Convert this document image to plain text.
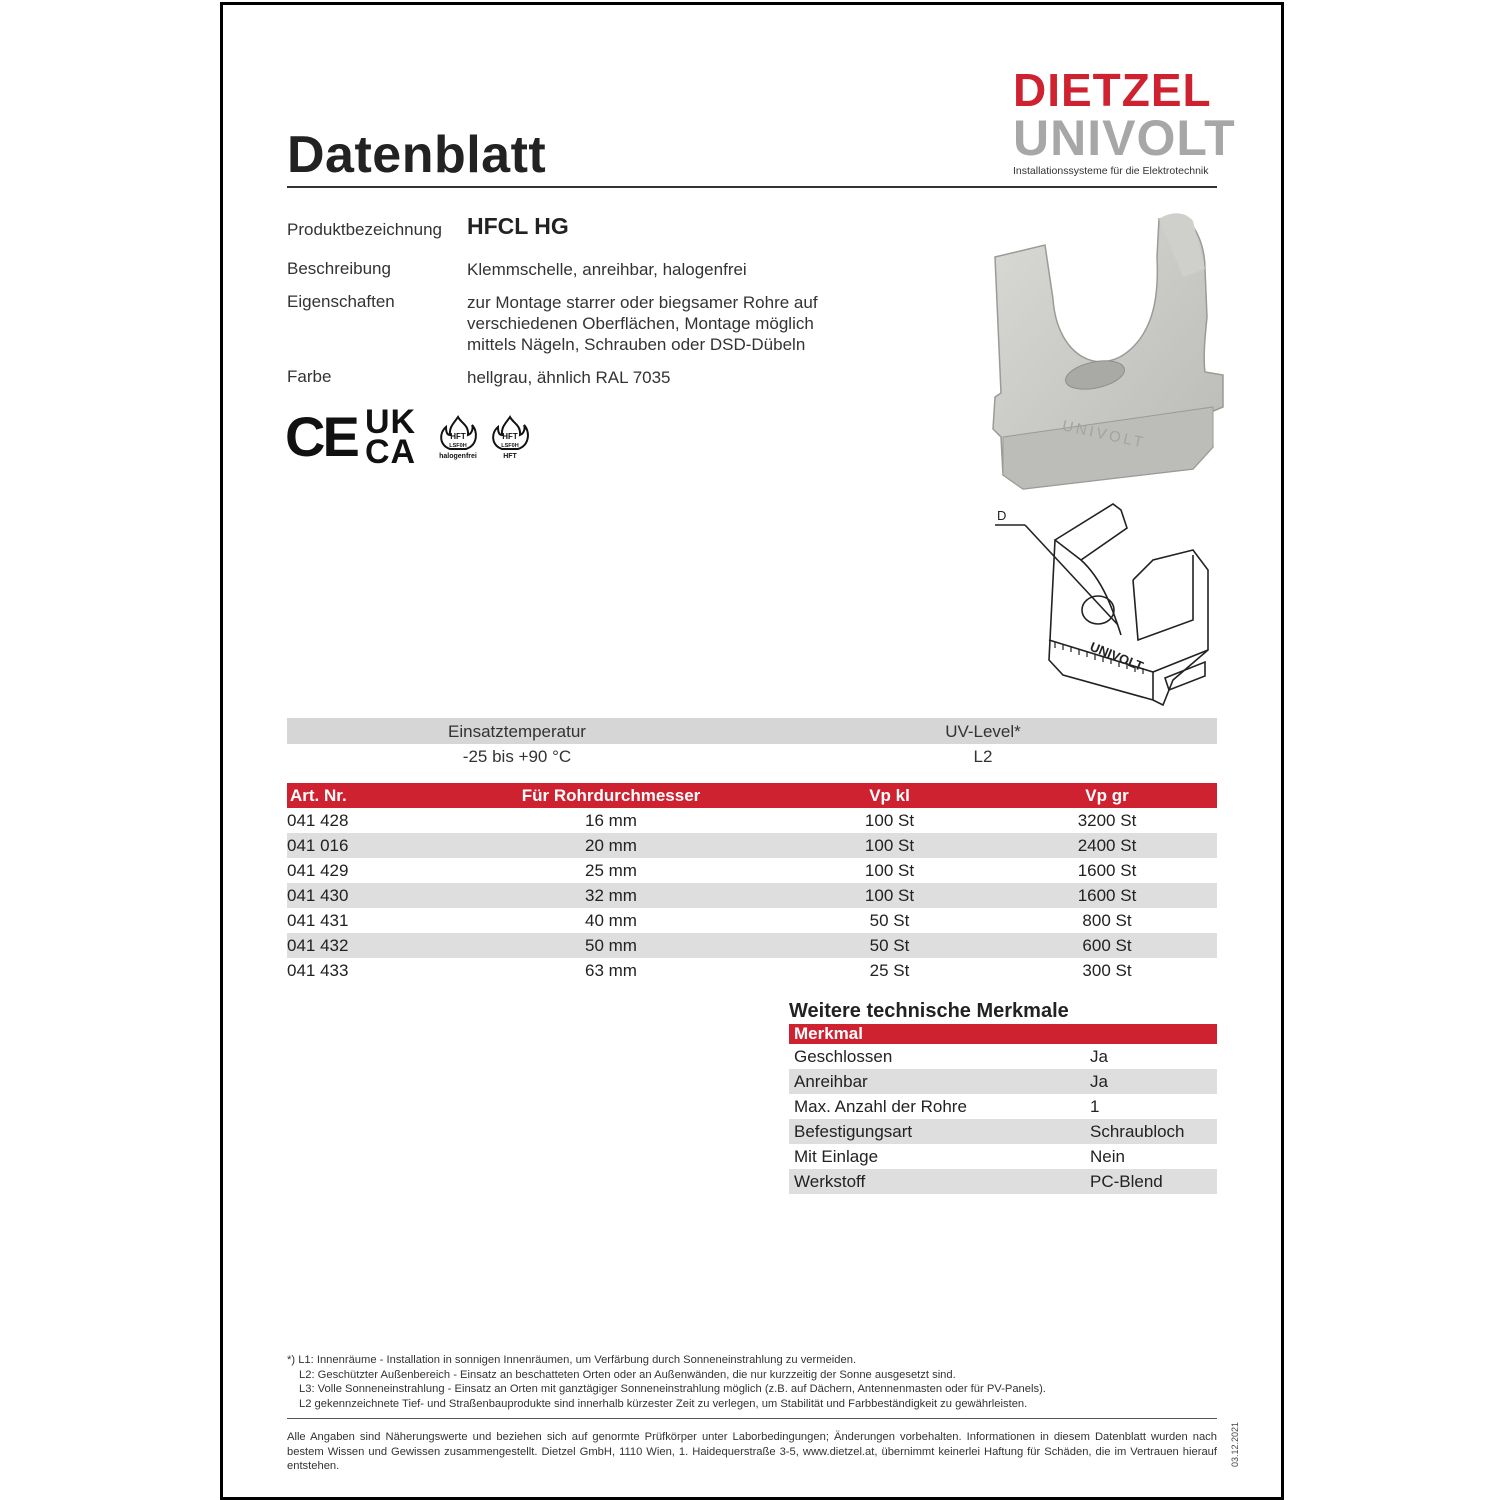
DIETZEL
UNIVOLT
Installationssysteme für die Elektrotechnik
Datenblatt
Produktbezeichnung HFCL HG
Beschreibung	Klemmschelle, anreihbar, halogenfrei
Eigenschaften	zur Montage starrer oder biegsamer Rohre auf
verschiedenen Oberflächen, Montage möglich
mittels Nägeln, Schrauben oder DSD-Dübeln
Farbe	hellgrau, ähnlich RAL 7035
CE UK
CA	HFT
LSF0H
halogenfrei
HFT
LSF0H
HFT
UNIVOLT
UNIVOLT
D
Einsatztemperatur	UV-Level*
-25 bis +90 °C	L2
Art. Nr.	Für Rohrdurchmesser	Vp kl	Vp gr
041 428	16 mm	100 St	3200 St
041 016	20 mm	100 St	2400 St
041 429	25 mm	100 St	1600 St
041 430	32 mm	100 St	1600 St
041 431	40 mm	50 St	800 St
041 432	50 mm	50 St	600 St
041 433	63 mm	25 St	300 St
Weitere technische Merkmale
Merkmal
Geschlossen	Ja
Anreihbar	Ja
Max. Anzahl der Rohre	1
Befestigungsart	Schraubloch
Mit Einlage	Nein
Werkstoff	PC-Blend
*) L1: Innenräume - Installation in sonnigen Innenräumen, um Verfärbung durch Sonneneinstrahlung zu vermeiden.
L2: Geschützter Außenbereich - Einsatz an beschatteten Orten oder an Außenwänden, die nur kurzzeitig der Sonne ausgesetzt sind.
L3: Volle Sonneneinstrahlung - Einsatz an Orten mit ganztägiger Sonneneinstrahlung möglich (z.B. auf Dächern, Antennenmasten oder für PV-Panels).
L2 gekennzeichnete Tief- und Straßenbauprodukte sind innerhalb kürzester Zeit zu verlegen, um Stabilität und Farbbeständigkeit zu gewährleisten.
Alle Angaben sind Näherungswerte und beziehen sich auf genormte Prüfkörper unter Laborbedingungen; Änderungen vorbehalten. Informationen in diesem Datenblatt wurden nach bestem Wissen und Gewissen zusammengestellt. Dietzel GmbH, 1110 Wien, 1. Haidequerstraße 3-5, www.dietzel.at, übernimmt keinerlei Haftung für Schäden, die im Vertrauen hierauf entstehen.	03.12.2021
